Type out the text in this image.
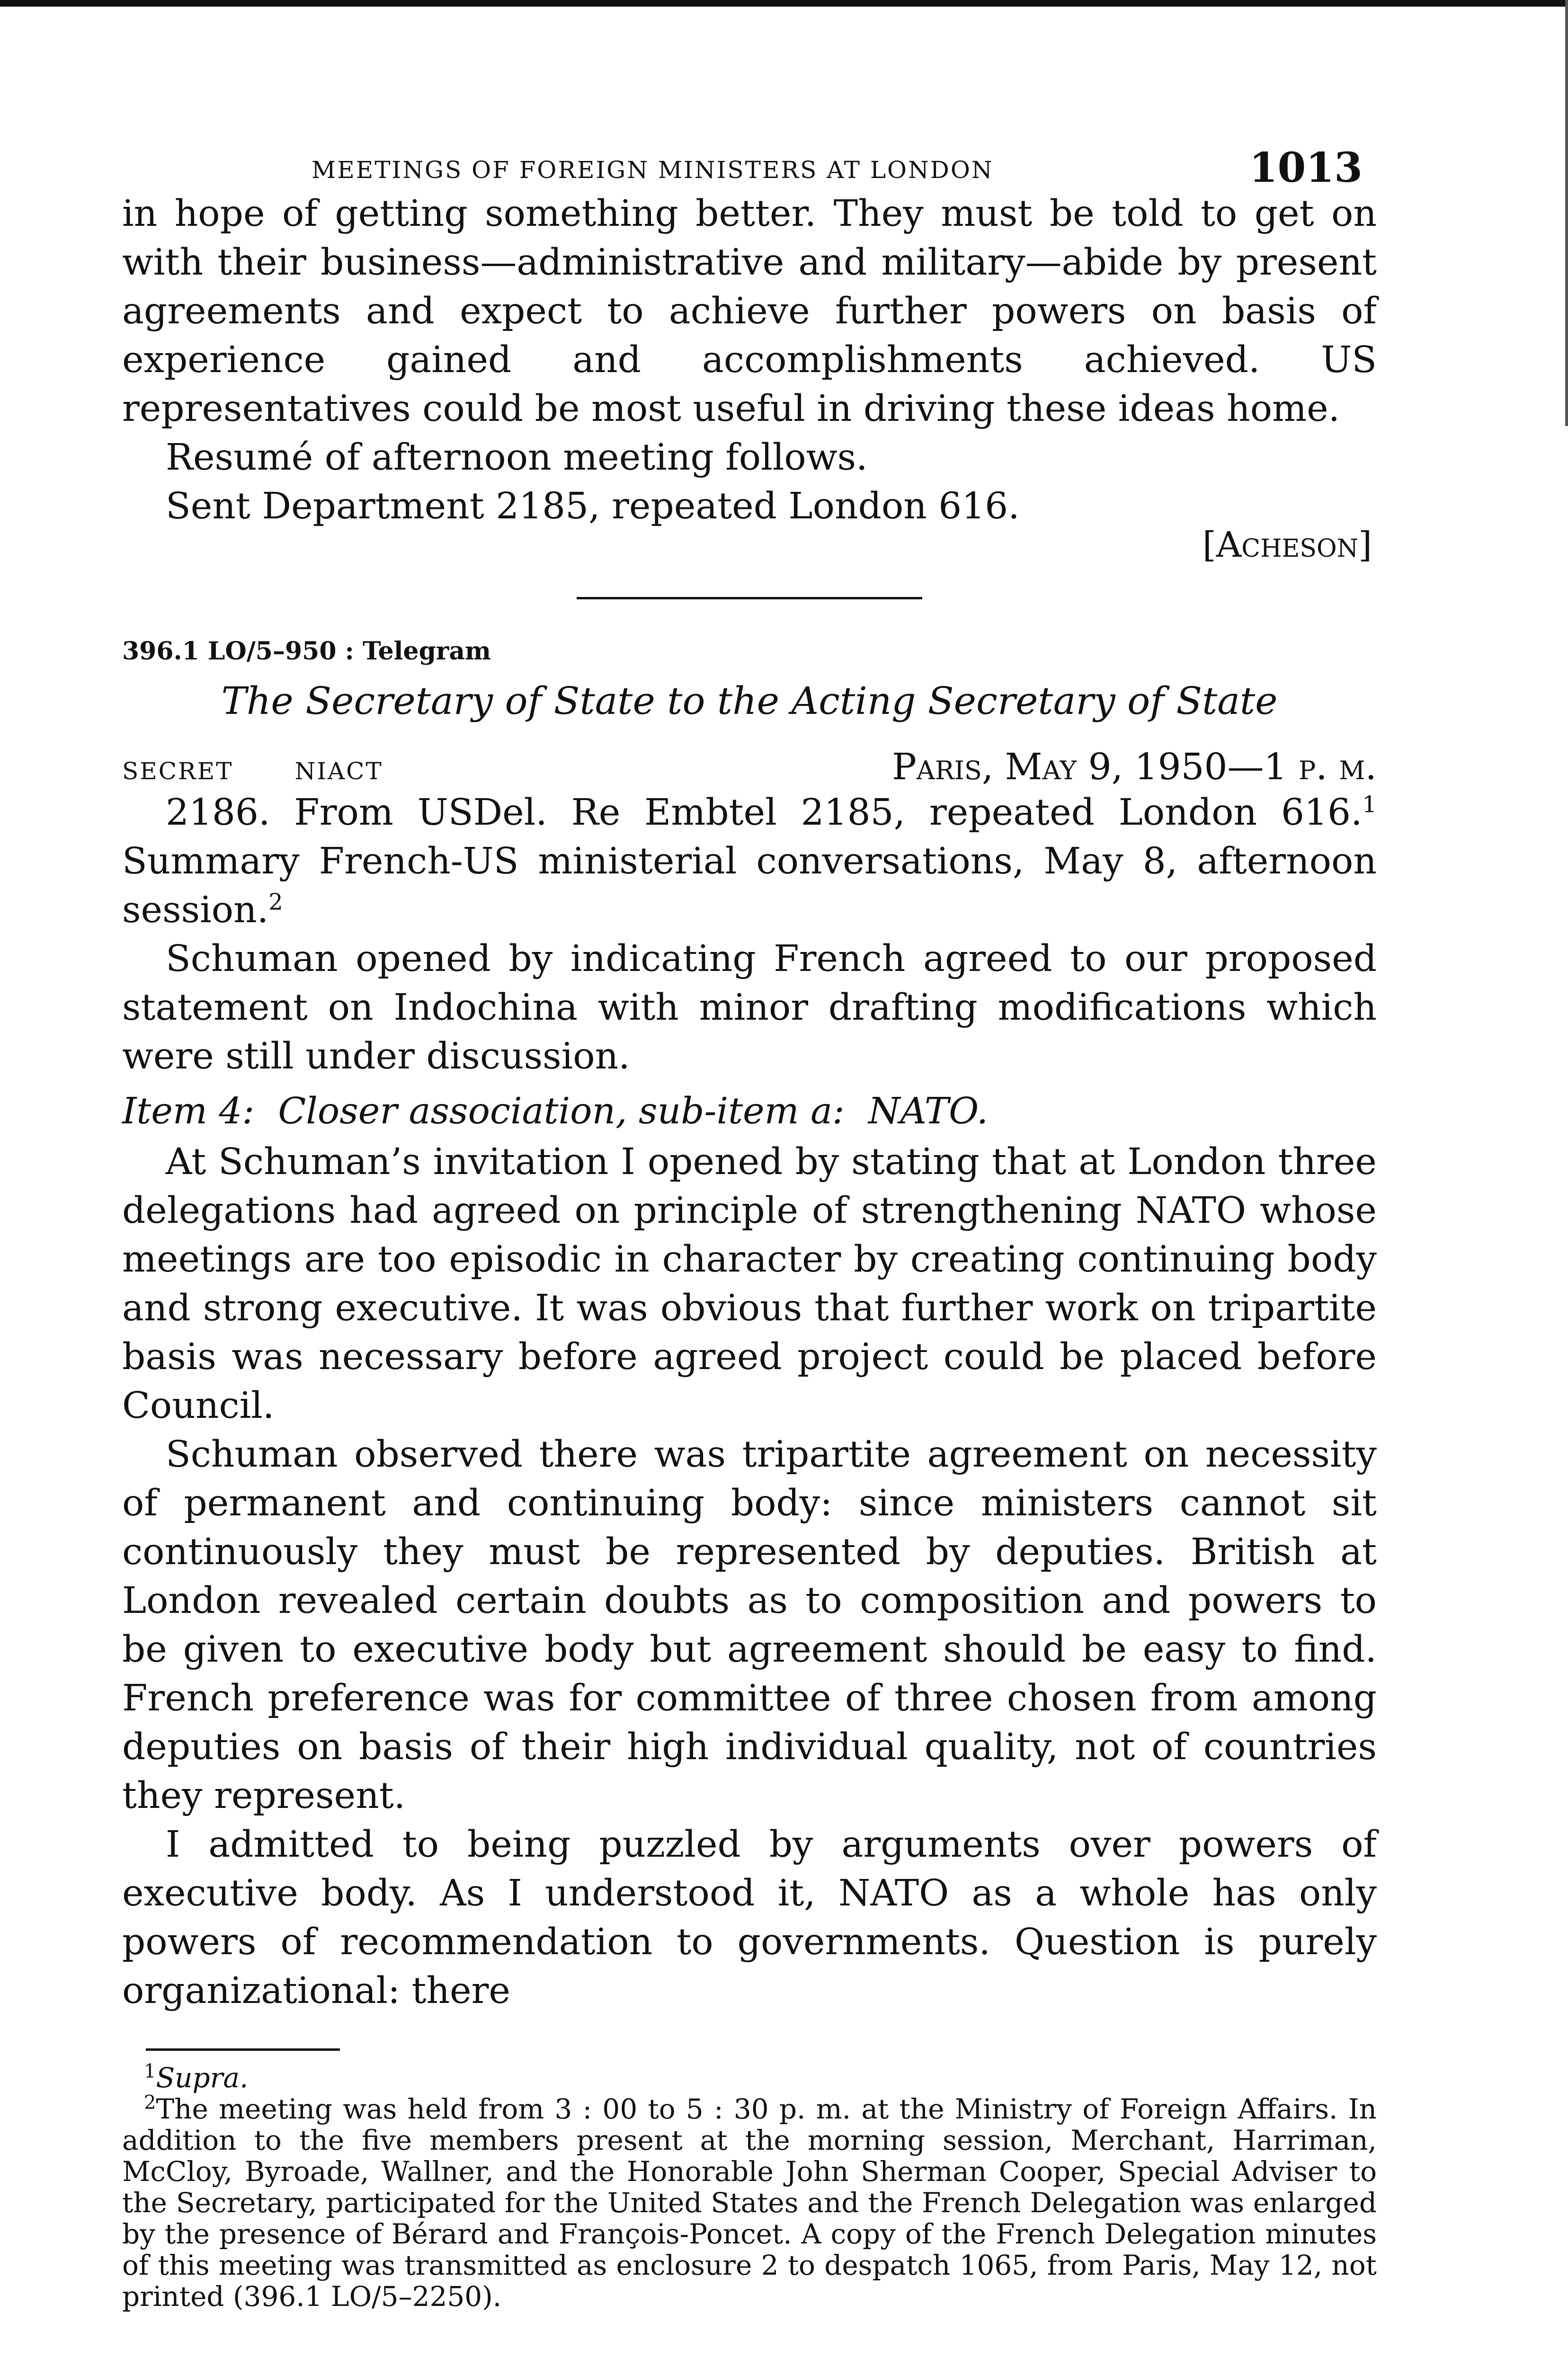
MEETINGS OF FOREIGN MINISTERS AT LONDON	1013

in hope of getting something better. They must be told to get on with their business—administrative and military—abide by present agreements and expect to achieve further powers on basis of experience gained and accomplishments achieved. US representatives could be most useful in driving these ideas home.

Resumé of afternoon meeting follows.

Sent Department 2185, repeated London 616.

[Acheson]

396.1 LO/5–950 : Telegram

The Secretary of State to the Acting Secretary of State

SECRET	NIACT	Paris, May 9, 1950—1 p. m.

2186. From USDel. Re Embtel 2185, repeated London 616.$^1$ Summary French-US ministerial conversations, May 8, afternoon session.$^2$

Schuman opened by indicating French agreed to our proposed statement on Indochina with minor drafting modifications which were still under discussion.

Item 4: Closer association, sub-item a: NATO.

At Schuman’s invitation I opened by stating that at London three delegations had agreed on principle of strengthening NATO whose meetings are too episodic in character by creating continuing body and strong executive. It was obvious that further work on tripartite basis was necessary before agreed project could be placed before Council.

Schuman observed there was tripartite agreement on necessity of permanent and continuing body: since ministers cannot sit continuously they must be represented by deputies. British at London revealed certain doubts as to composition and powers to be given to executive body but agreement should be easy to find. French preference was for committee of three chosen from among deputies on basis of their high individual quality, not of countries they represent.

I admitted to being puzzled by arguments over powers of executive body. As I understood it, NATO as a whole has only powers of recommendation to governments. Question is purely organizational: there

$^1$Supra.

$^2$The meeting was held from 3 : 00 to 5 : 30 p. m. at the Ministry of Foreign Affairs. In addition to the five members present at the morning session, Merchant, Harriman, McCloy, Byroade, Wallner, and the Honorable John Sherman Cooper, Special Adviser to the Secretary, participated for the United States and the French Delegation was enlarged by the presence of Bérard and François-Poncet. A copy of the French Delegation minutes of this meeting was transmitted as enclosure 2 to despatch 1065, from Paris, May 12, not printed (396.1 LO/5–2250).
